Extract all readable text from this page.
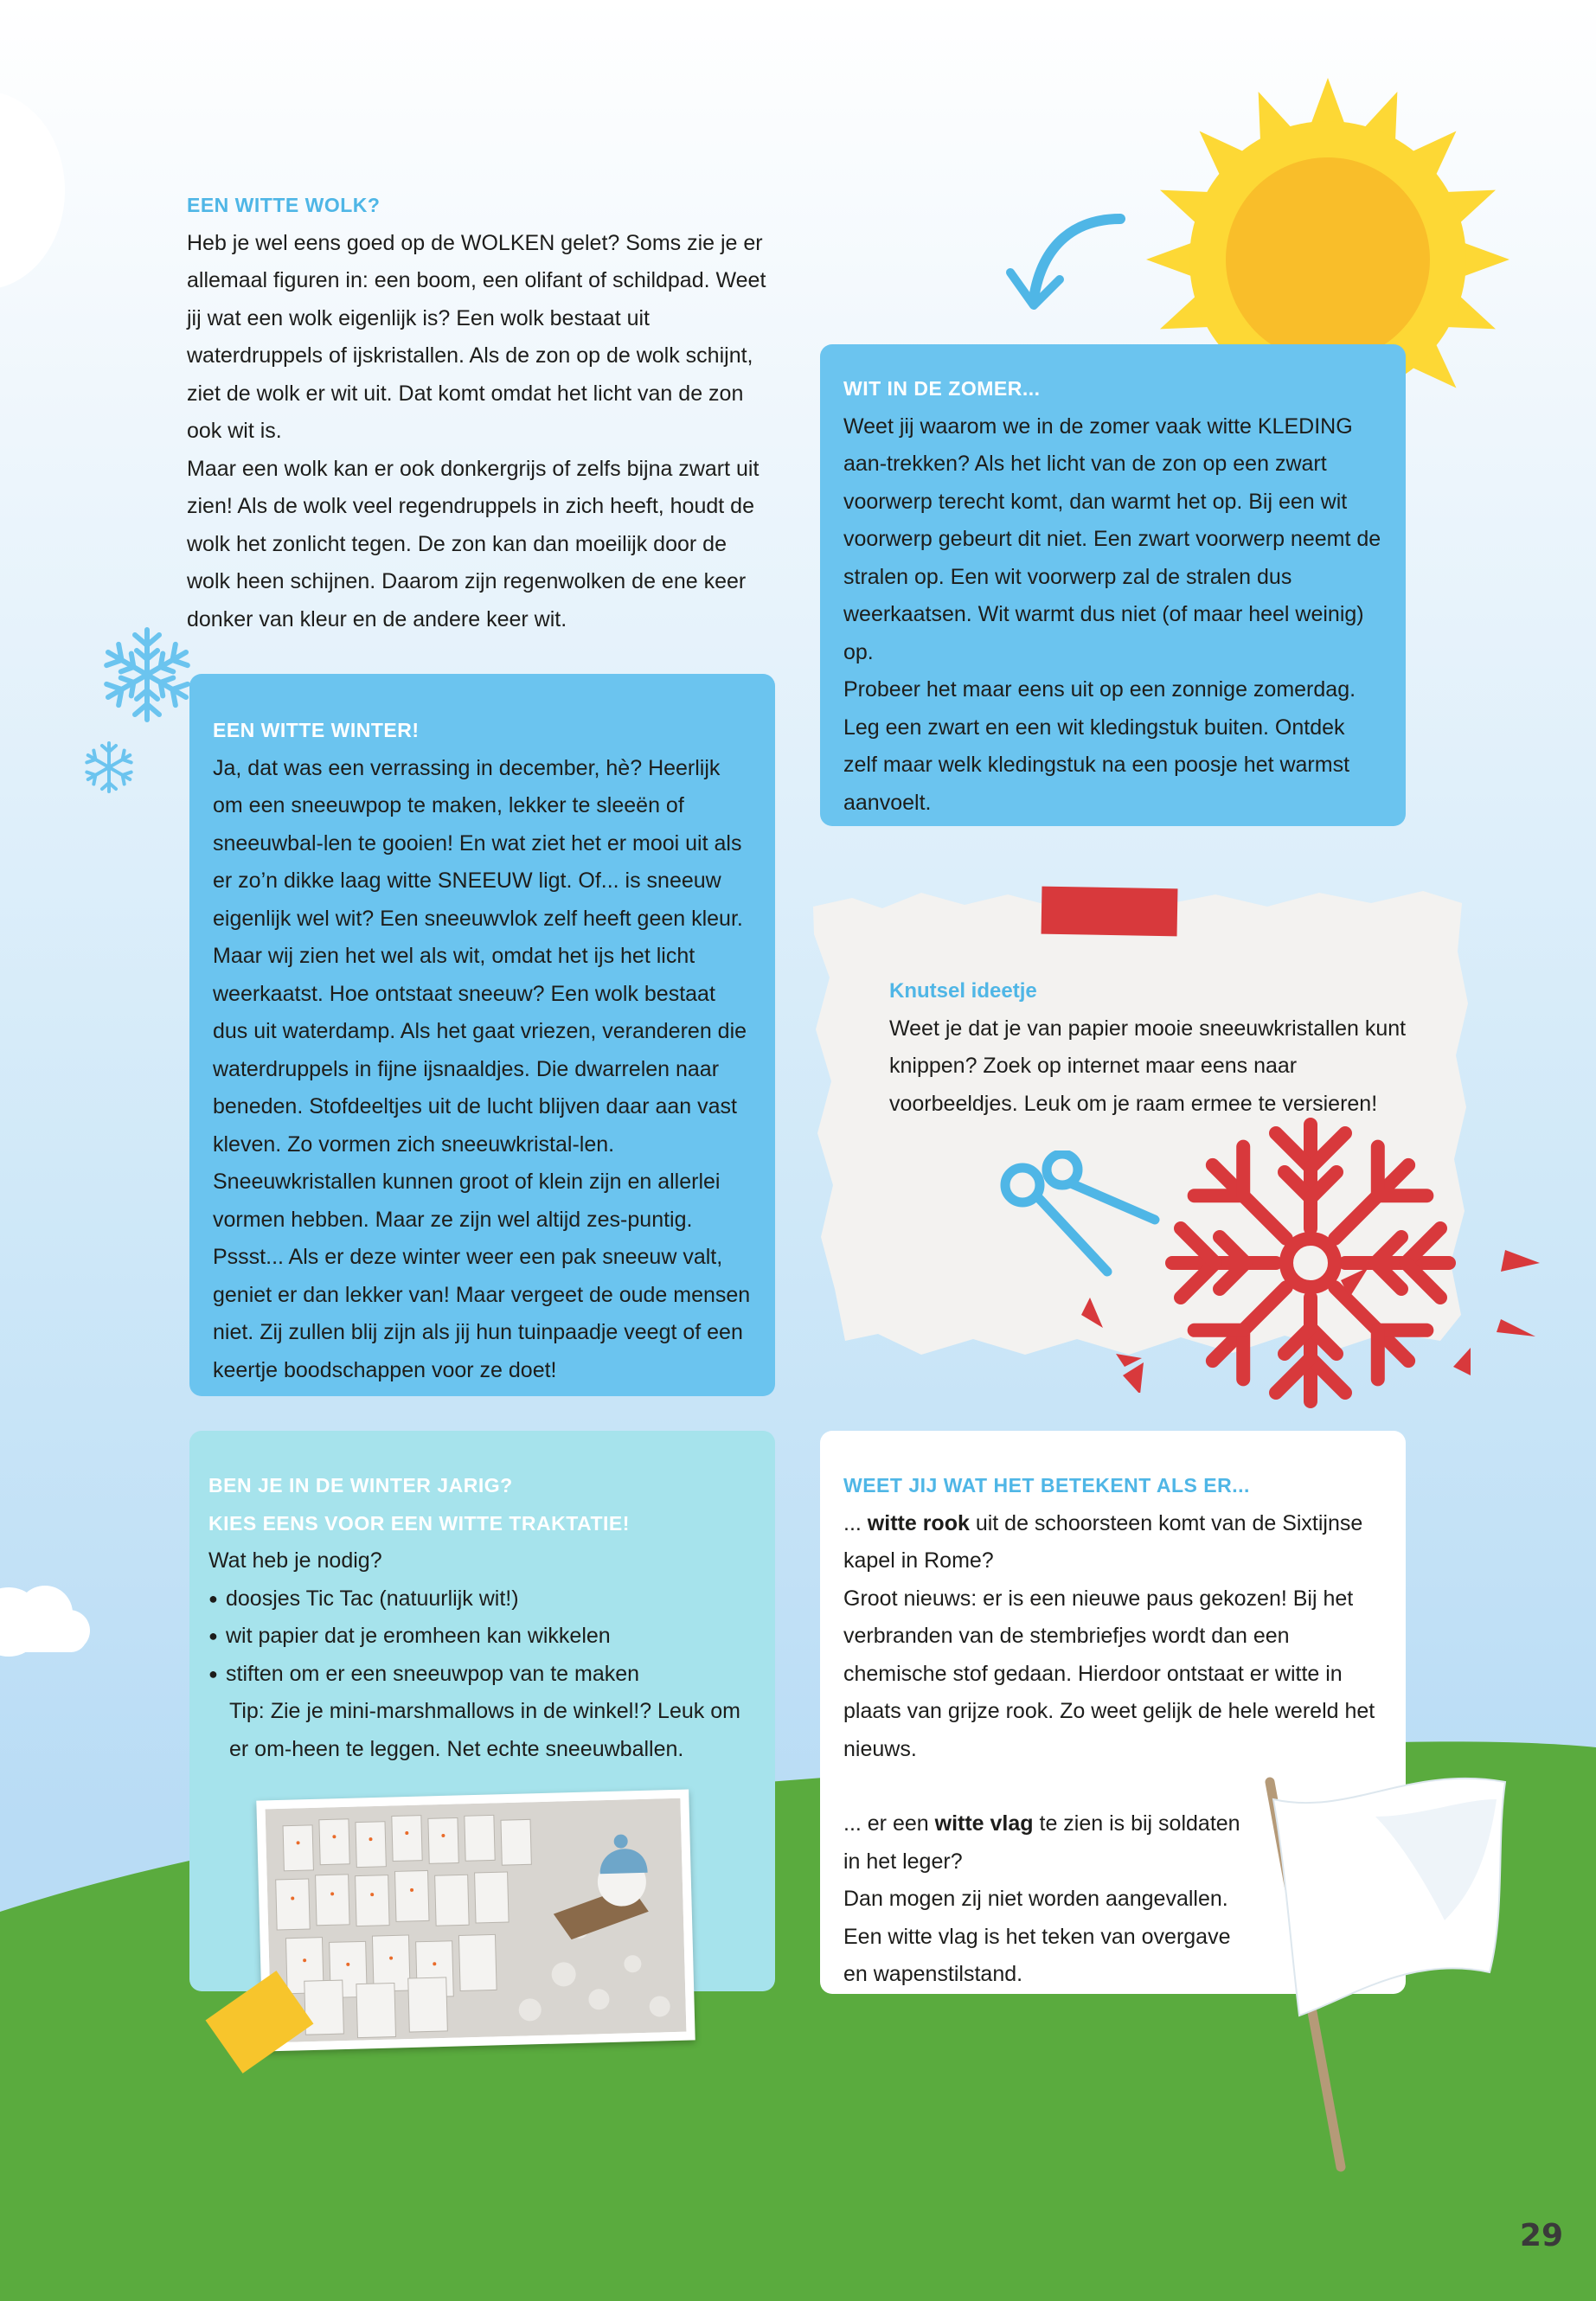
EEN WITTE WOLK?

Heb je wel eens goed op de WOLKEN gelet? Soms zie je er allemaal figuren in: een boom, een olifant of schildpad. Weet jij wat een wolk eigenlijk is? Een wolk bestaat uit waterdruppels of ijskristallen. Als de zon op de wolk schijnt, ziet de wolk er wit uit. Dat komt omdat het licht van de zon ook wit is.

Maar een wolk kan er ook donkergrijs of zelfs bijna zwart uit zien! Als de wolk veel regendruppels in zich heeft, houdt de wolk het zonlicht tegen. De zon kan dan moeilijk door de wolk heen schijnen. Daarom zijn regenwolken de ene keer donker van kleur en de andere keer wit.

WIT IN DE ZOMER...

Weet jij waarom we in de zomer vaak witte KLEDING aan-trekken? Als het licht van de zon op een zwart voorwerp terecht komt, dan warmt het op. Bij een wit voorwerp gebeurt dit niet. Een zwart voorwerp neemt de stralen op. Een wit voorwerp zal de stralen dus weerkaatsen. Wit warmt dus niet (of maar heel weinig) op.

Probeer het maar eens uit op een zonnige zomerdag. Leg een zwart en een wit kledingstuk buiten. Ontdek zelf maar welk kledingstuk na een poosje het warmst aanvoelt.

EEN WITTE WINTER!

Ja, dat was een verrassing in december, hè? Heerlijk om een sneeuwpop te maken, lekker te sleeën of sneeuwbal-len te gooien! En wat ziet het er mooi uit als er zo’n dikke laag witte SNEEUW ligt. Of... is sneeuw eigenlijk wel wit? Een sneeuwvlok zelf heeft geen kleur. Maar wij zien het wel als wit, omdat het ijs het licht weerkaatst. Hoe ontstaat sneeuw? Een wolk bestaat dus uit waterdamp. Als het gaat vriezen, veranderen die waterdruppels in fijne ijsnaaldjes. Die dwarrelen naar beneden. Stofdeeltjes uit de lucht blijven daar aan vast kleven. Zo vormen zich sneeuwkristal-len. Sneeuwkristallen kunnen groot of klein zijn en allerlei vormen hebben. Maar ze zijn wel altijd zes-puntig.

Pssst... Als er deze winter weer een pak sneeuw valt, geniet er dan lekker van! Maar vergeet de oude mensen niet. Zij zullen blij zijn als jij hun tuinpaadje veegt of een keertje boodschappen voor ze doet!

Knutsel ideetje

Weet je dat je van papier mooie sneeuwkristallen kunt knippen? Zoek op internet maar eens naar voorbeeldjes. Leuk om je raam ermee te versieren!

BEN JE IN DE WINTER JARIG?
KIES EENS VOOR EEN WITTE TRAKTATIE!

Wat heb je nodig?

● doosjes Tic Tac (natuurlijk wit!)
● wit papier dat je eromheen kan wikkelen
● stiften om er een sneeuwpop van te maken

Tip: Zie je mini-marshmallows in de winkel!? Leuk om er om-heen te leggen. Net echte sneeuwballen.

WEET JIJ WAT HET BETEKENT ALS ER...

... witte rook uit de schoorsteen komt van de Sixtijnse kapel in Rome?

Groot nieuws: er is een nieuwe paus gekozen! Bij het verbranden van de stembriefjes wordt dan een chemische stof gedaan. Hierdoor ontstaat er witte in plaats van grijze rook. Zo weet gelijk de hele wereld het nieuws.

... er een witte vlag te zien is bij soldaten in het leger?

Dan mogen zij niet worden aangevallen.

Een witte vlag is het teken van overgave en wapenstilstand.

29
